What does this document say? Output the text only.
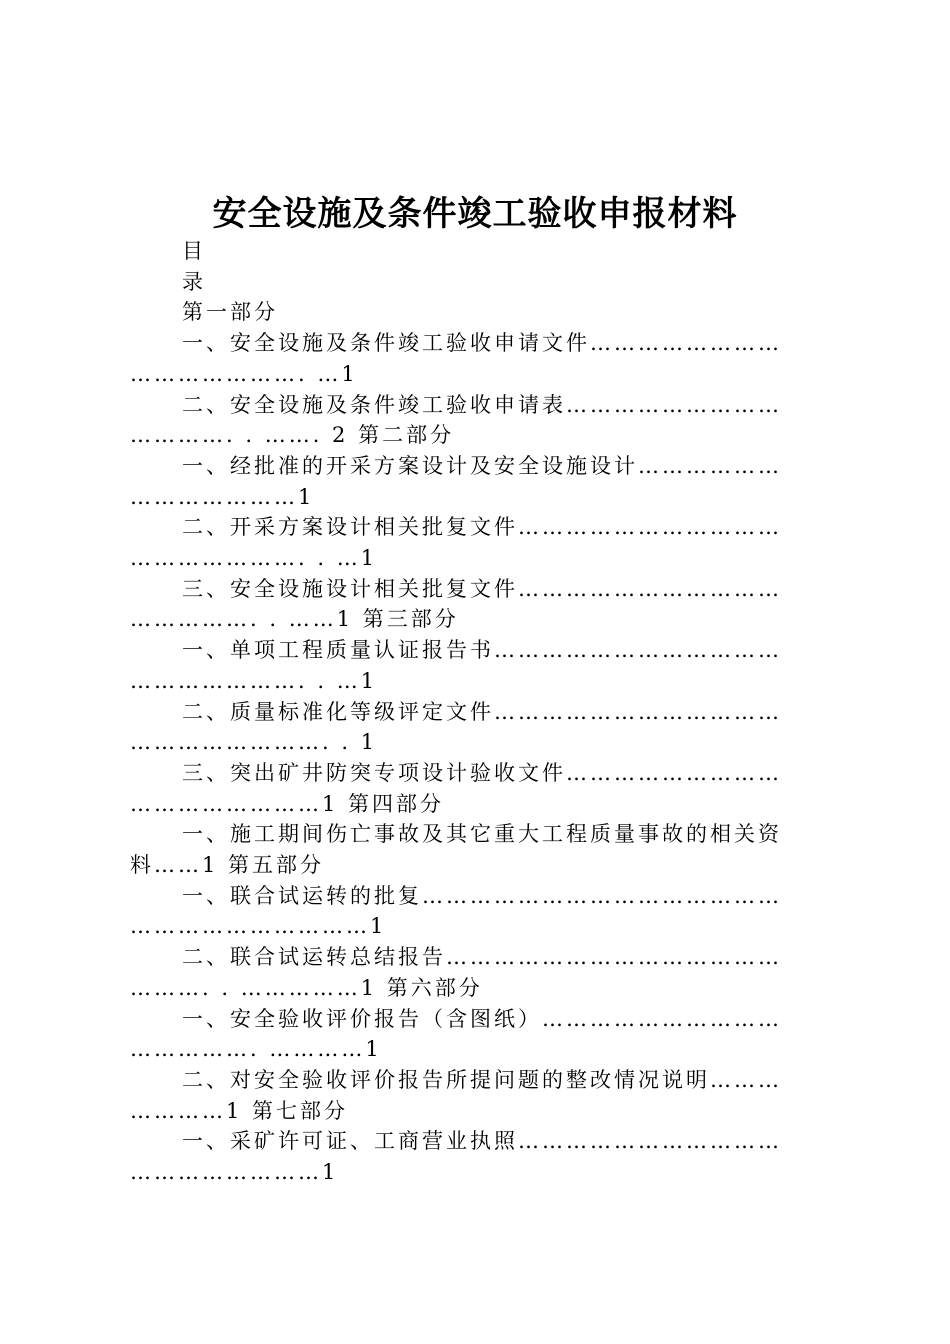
安全设施及条件竣工验收申报材料

目

录

第一部分

一、安全设施及条件竣工验收申请文件……………………

…………………. …1

二、安全设施及条件竣工验收申请表………………………

…………. . ……. 2 第二部分

一、经批准的开采方案设计及安全设施设计………………

…………………1

二、开采方案设计相关批复文件……………………………

…………………. . …1

三、安全设施设计相关批复文件……………………………

……………. . ……1 第三部分

一、单项工程质量认证报告书………………………………

…………………. . …1

二、质量标准化等级评定文件………………………………

……………………. . 1

三、突出矿井防突专项设计验收文件………………………

……………………1 第四部分

一、施工期间伤亡事故及其它重大工程质量事故的相关资

料……1 第五部分

一、联合试运转的批复………………………………………

…………………………1

二、联合试运转总结报告……………………………………

………. . ……………1 第六部分

一、安全验收评价报告（含图纸）…………………………

……………. …………1

二、对安全验收评价报告所提问题的整改情况说明………

…………1 第七部分

一、采矿许可证、工商营业执照……………………………

……………………1
